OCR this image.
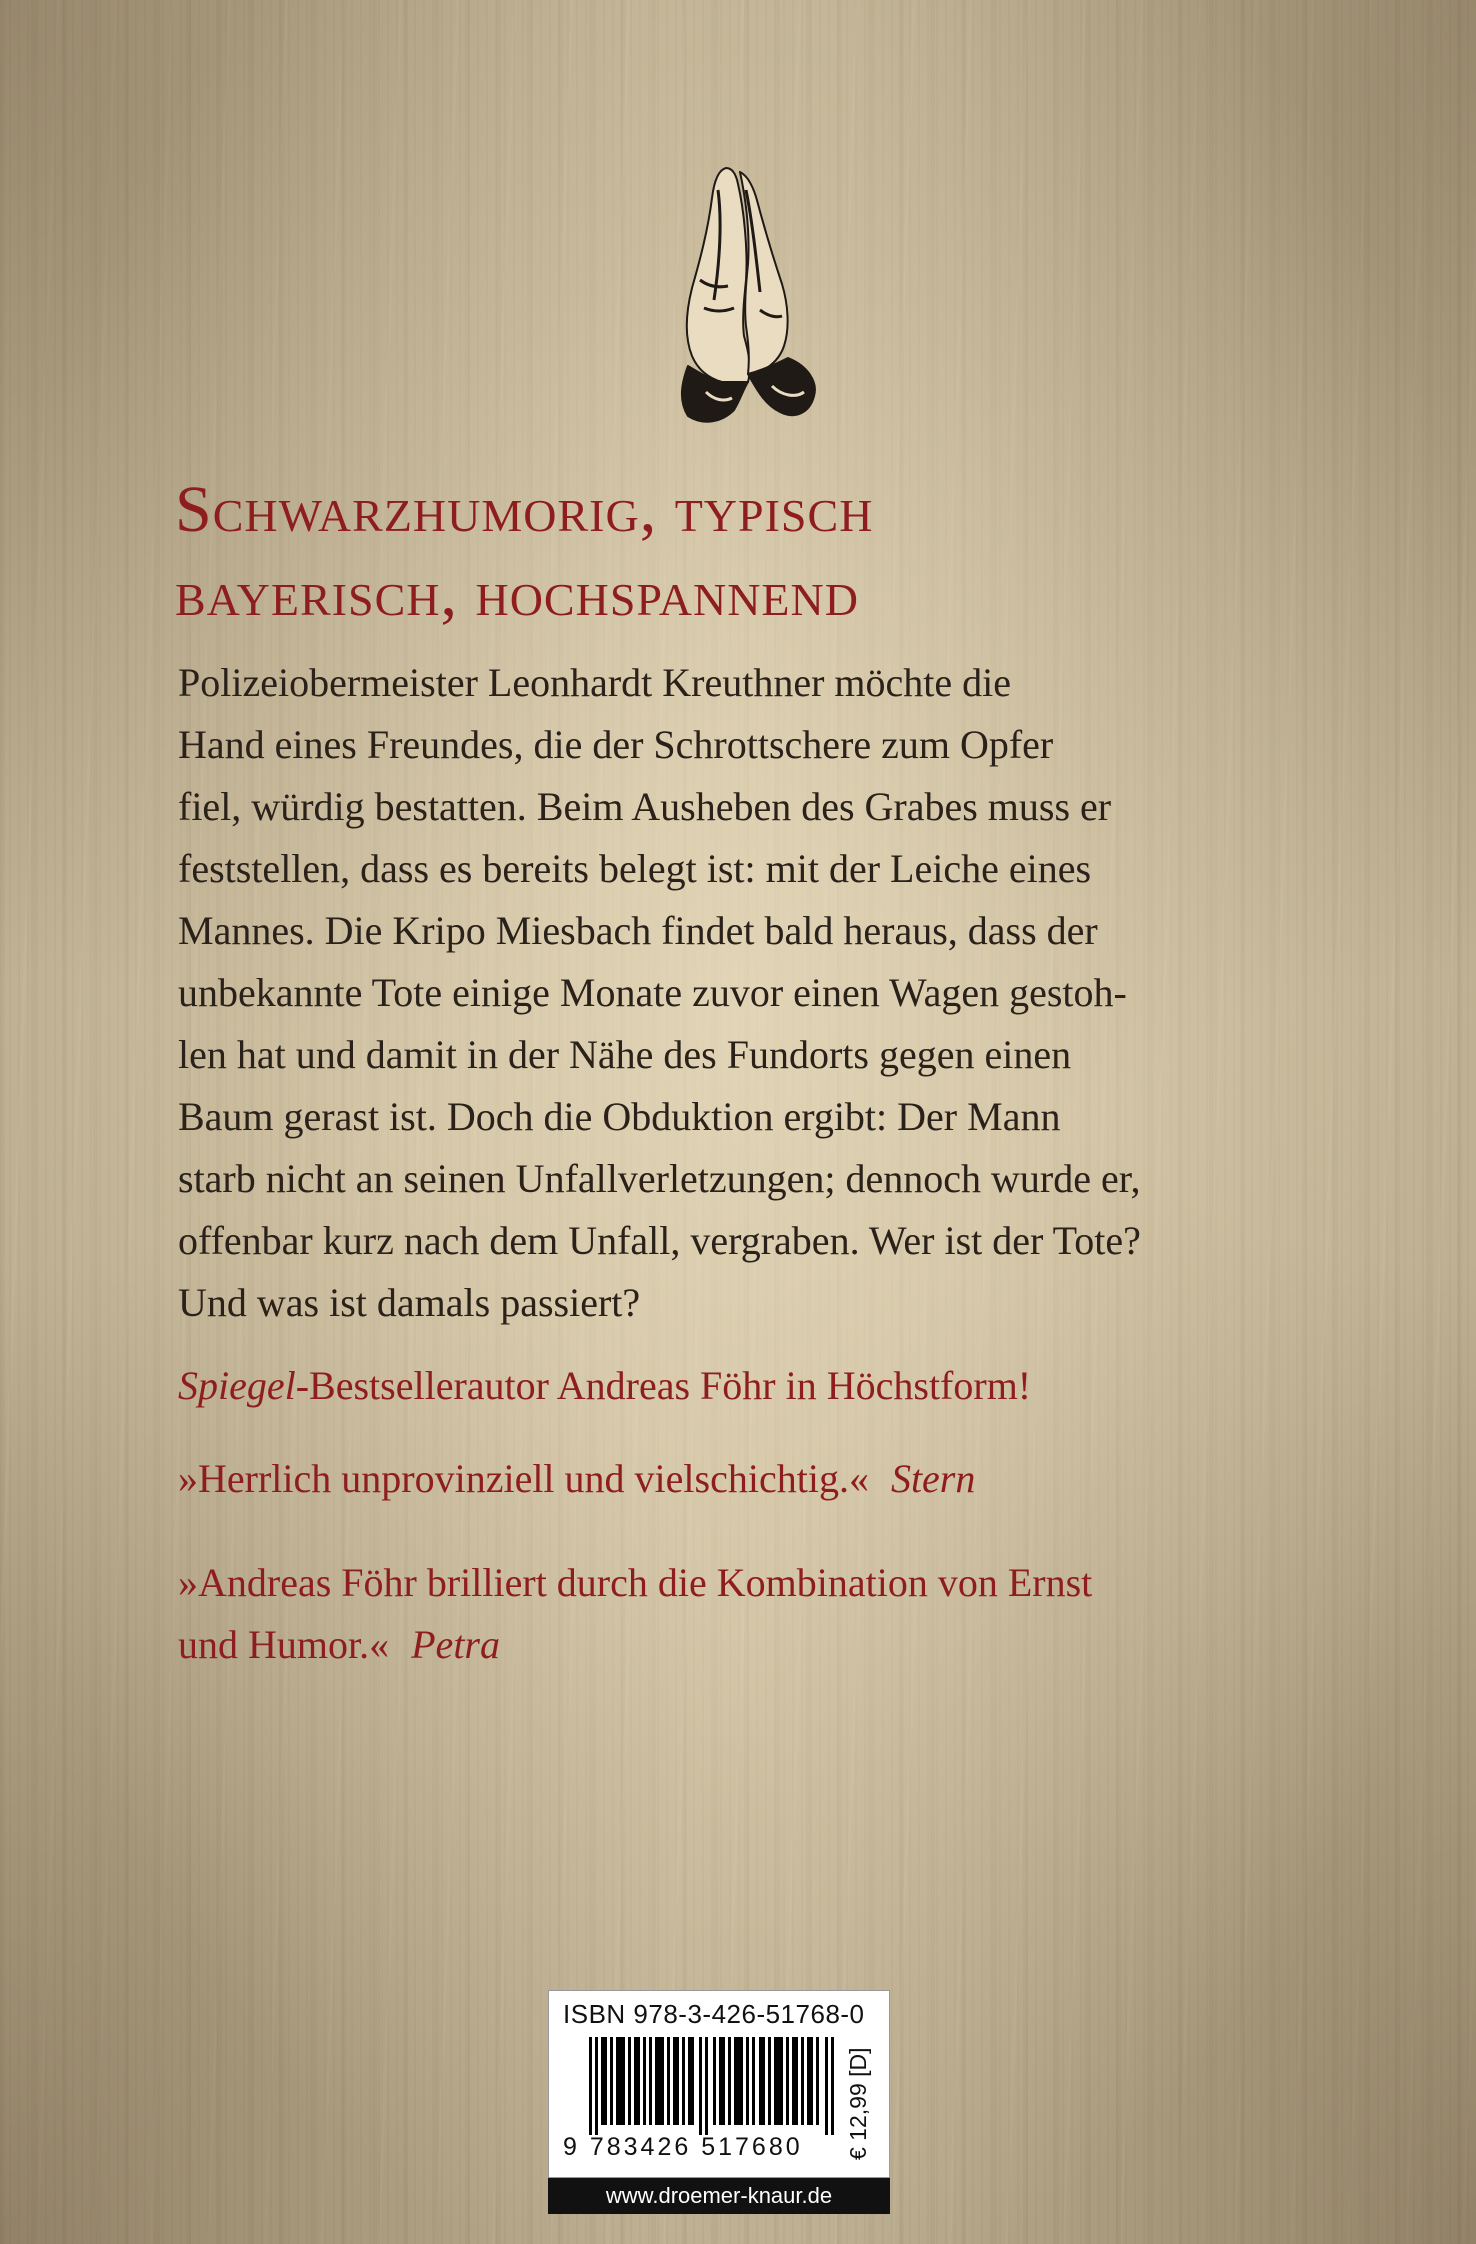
Schwarzhumorig, typisch
bayerisch, hochspannend
Polizeiobermeister Leonhardt Kreuthner möchte die
Hand eines Freundes, die der Schrottschere zum Opfer
fiel, würdig bestatten. Beim Ausheben des Grabes muss er
feststellen, dass es bereits belegt ist: mit der Leiche eines
Mannes. Die Kripo Miesbach findet bald heraus, dass der
unbekannte Tote einige Monate zuvor einen Wagen gestoh-
len hat und damit in der Nähe des Fundorts gegen einen
Baum gerast ist. Doch die Obduktion ergibt: Der Mann
starb nicht an seinen Unfallverletzungen; dennoch wurde er,
offenbar kurz nach dem Unfall, vergraben. Wer ist der Tote?
Und was ist damals passiert?
Spiegel-Bestsellerautor Andreas Föhr in Höchstform!
»Herrlich unprovinziell und vielschichtig.« Stern
»Andreas Föhr brilliert durch die Kombination von Ernst
und Humor.« Petra
ISBN 978-3-426-51768-0
9 783426 517680 € 12,99 [D]
www.droemer-knaur.de
